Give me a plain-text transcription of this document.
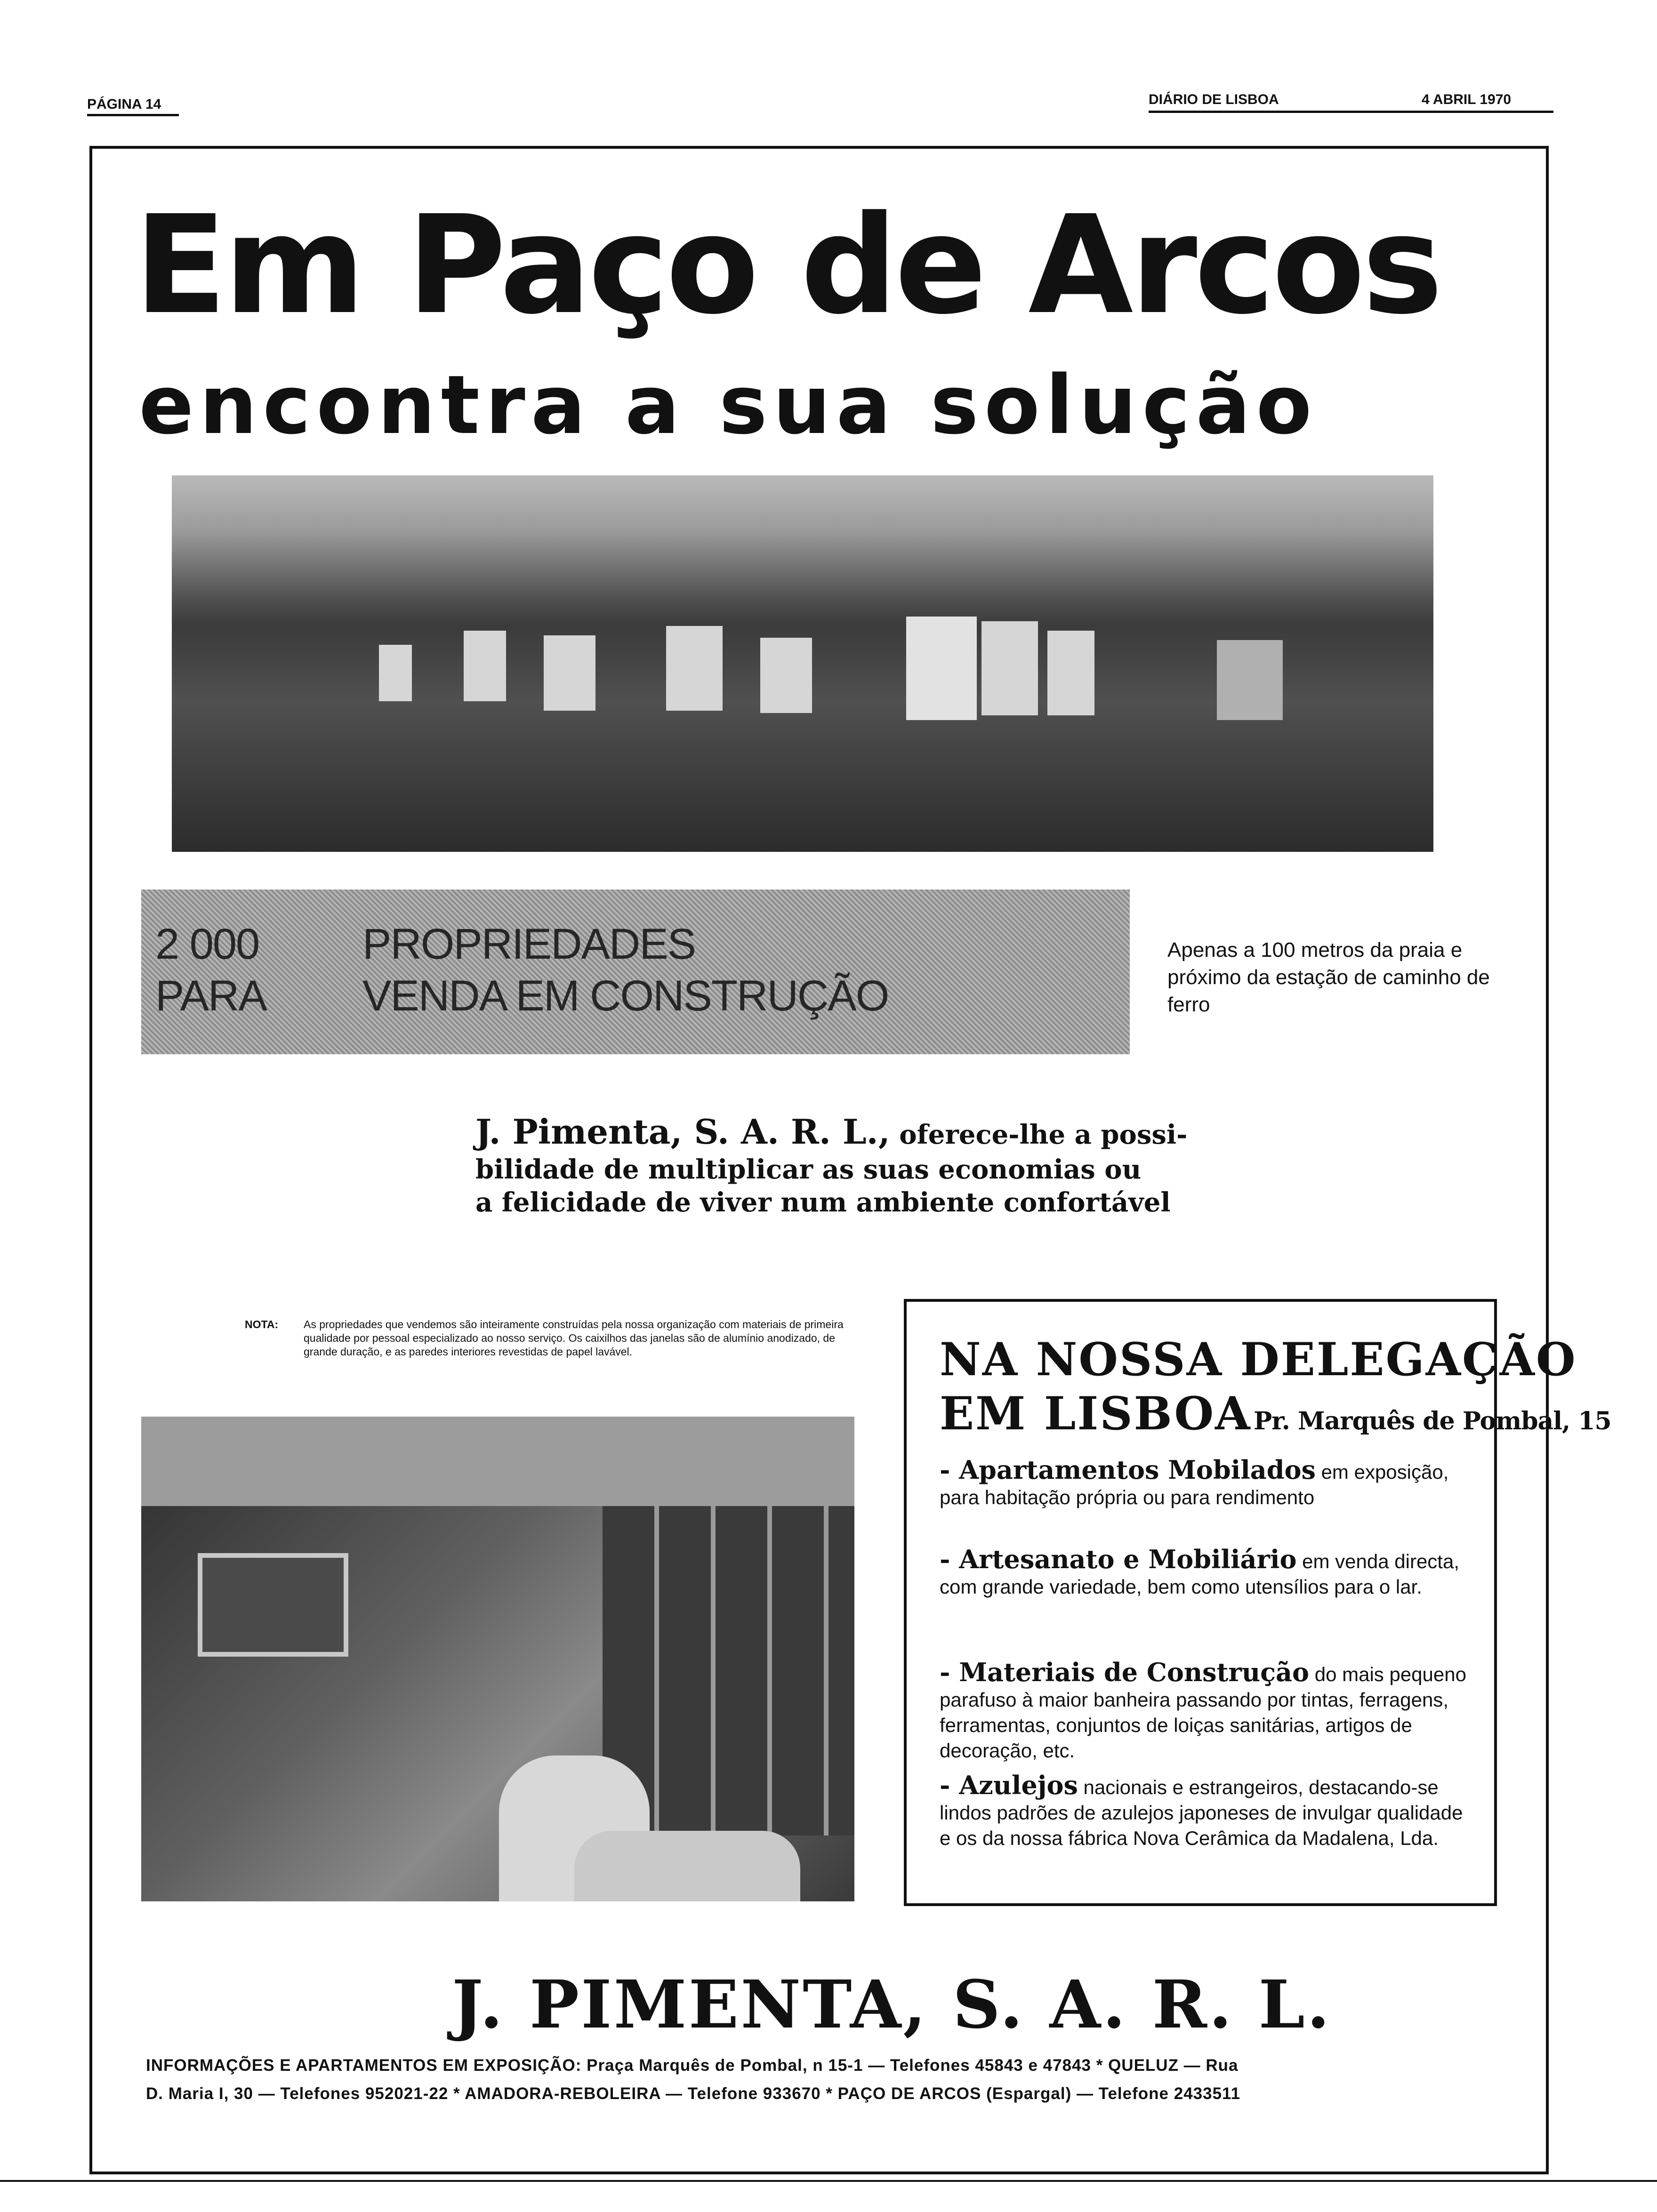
PÁGINA 14	DIÁRIO DE LISBOA	4 ABRIL 1970
Em Paço de Arcos
encontra a sua solução
2 000 PROPRIEDADES
PARA VENDA EM CONSTRUÇÃO
Apenas a 100 metros da praia e próximo da estação de caminho de ferro
J. Pimenta, S. A. R. L., oferece-lhe a possi-
bilidade de multiplicar as suas economias ou
a felicidade de viver num ambiente confortável
NOTA:	As propriedades que vendemos são inteiramente construídas pela nossa organização com materiais de primeira qualidade por pessoal especializado ao nosso serviço. Os caixilhos das janelas são de alumínio anodizado, de grande duração, e as paredes interiores revestidas de papel lavável.	NA NOSSA DELEGAÇÃO
EM LISBOA Pr. Marquês de Pombal, 15
- Apartamentos Mobilados em exposição, para habitação própria ou para rendimento
- Artesanato e Mobiliário em venda directa, com grande variedade, bem como utensílios para o lar.
- Materiais de Construção do mais pequeno parafuso à maior banheira passando por tintas, ferragens, ferramentas, conjuntos de loiças sanitárias, artigos de decoração, etc.
- Azulejos nacionais e estrangeiros, destacando-se lindos padrões de azulejos japoneses de invulgar qualidade e os da nossa fábrica Nova Cerâmica da Madalena, Lda.
J. PIMENTA, S. A. R. L.
INFORMAÇÕES E APARTAMENTOS EM EXPOSIÇÃO: Praça Marquês de Pombal, n 15-1 — Telefones 45843 e 47843 * QUELUZ — Rua
D. Maria I, 30 — Telefones 952021-22 * AMADORA-REBOLEIRA — Telefone 933670 * PAÇO DE ARCOS (Espargal) — Telefone 2433511
